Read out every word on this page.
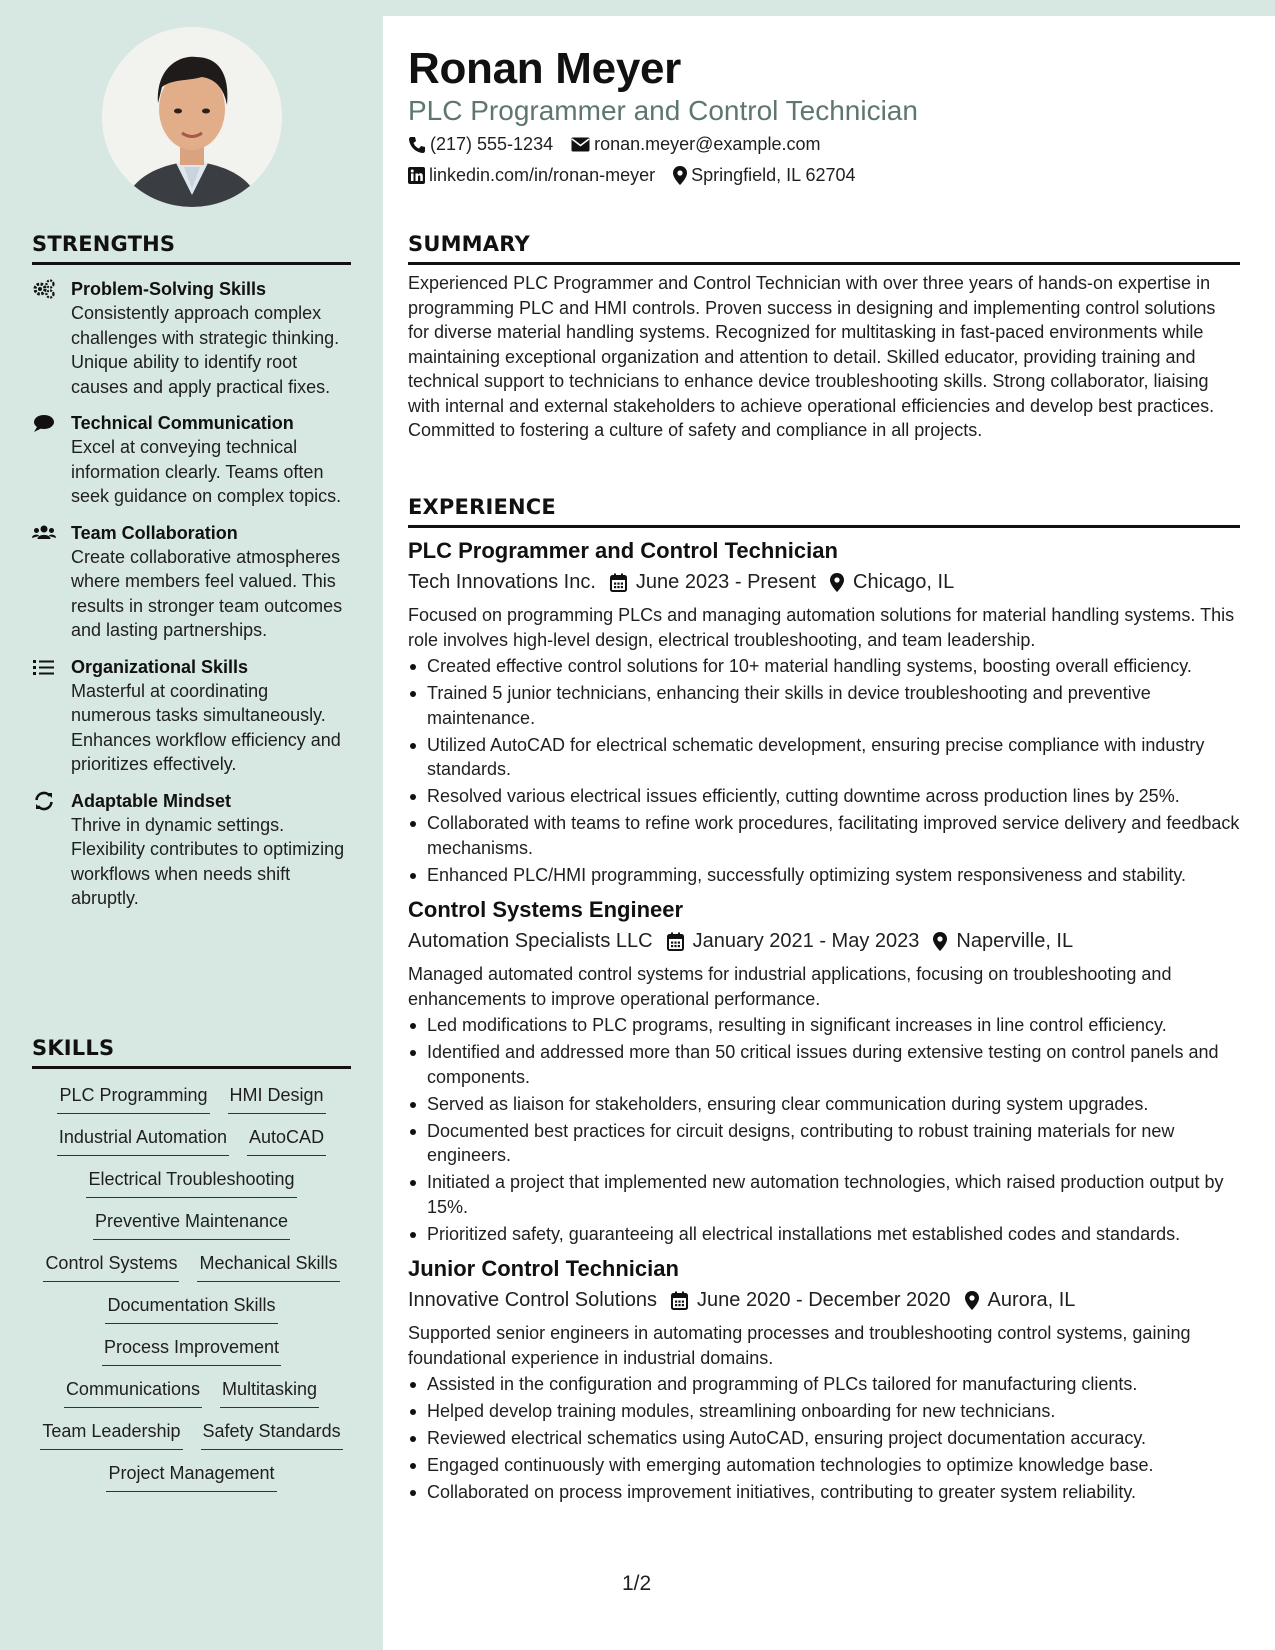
STRENGTHS
Problem-Solving Skills
Consistently approach complex challenges with strategic thinking. Unique ability to identify root causes and apply practical fixes.
Technical Communication
Excel at conveying technical information clearly. Teams often seek guidance on complex topics.
Team Collaboration
Create collaborative atmospheres where members feel valued. This results in stronger team outcomes and lasting partnerships.
Organizational Skills
Masterful at coordinating numerous tasks simultaneously. Enhances workflow efficiency and prioritizes effectively.
Adaptable Mindset
Thrive in dynamic settings. Flexibility contributes to optimizing workflows when needs shift abruptly.
SKILLS
PLC Programming HMI Design
Industrial Automation AutoCAD
Electrical Troubleshooting
Preventive Maintenance
Control Systems Mechanical Skills
Documentation Skills
Process Improvement
Communications Multitasking
Team Leadership Safety Standards
Project Management
Ronan Meyer
PLC Programmer and Control Technician
(217) 555-1234 ronan.meyer@example.com
linkedin.com/in/ronan-meyer Springfield, IL 62704
SUMMARY

Experienced PLC Programmer and Control Technician with over three years of hands-on expertise in programming PLC and HMI controls. Proven success in designing and implementing control solutions for diverse material handling systems. Recognized for multitasking in fast-paced environments while maintaining exceptional organization and attention to detail. Skilled educator, providing training and technical support to technicians to enhance device troubleshooting skills. Strong collaborator, liaising with internal and external stakeholders to achieve operational efficiencies and develop best practices. Committed to fostering a culture of safety and compliance in all projects.

EXPERIENCE
PLC Programmer and Control Technician
Tech Innovations Inc. June 2023 - Present Chicago, IL

Focused on programming PLCs and managing automation solutions for material handling systems. This role involves high-level design, electrical troubleshooting, and team leadership.

Created effective control solutions for 10+ material handling systems, boosting overall efficiency.
Trained 5 junior technicians, enhancing their skills in device troubleshooting and preventive maintenance.
Utilized AutoCAD for electrical schematic development, ensuring precise compliance with industry standards.
Resolved various electrical issues efficiently, cutting downtime across production lines by 25%.
Collaborated with teams to refine work procedures, facilitating improved service delivery and feedback mechanisms.
Enhanced PLC/HMI programming, successfully optimizing system responsiveness and stability.
Control Systems Engineer
Automation Specialists LLC January 2021 - May 2023 Naperville, IL

Managed automated control systems for industrial applications, focusing on troubleshooting and enhancements to improve operational performance.

Led modifications to PLC programs, resulting in significant increases in line control efficiency.
Identified and addressed more than 50 critical issues during extensive testing on control panels and components.
Served as liaison for stakeholders, ensuring clear communication during system upgrades.
Documented best practices for circuit designs, contributing to robust training materials for new engineers.
Initiated a project that implemented new automation technologies, which raised production output by 15%.
Prioritized safety, guaranteeing all electrical installations met established codes and standards.
Junior Control Technician
Innovative Control Solutions June 2020 - December 2020 Aurora, IL

Supported senior engineers in automating processes and troubleshooting control systems, gaining foundational experience in industrial domains.

Assisted in the configuration and programming of PLCs tailored for manufacturing clients.
Helped develop training modules, streamlining onboarding for new technicians.
Reviewed electrical schematics using AutoCAD, ensuring project documentation accuracy.
Engaged continuously with emerging automation technologies to optimize knowledge base.
Collaborated on process improvement initiatives, contributing to greater system reliability.
1/2
